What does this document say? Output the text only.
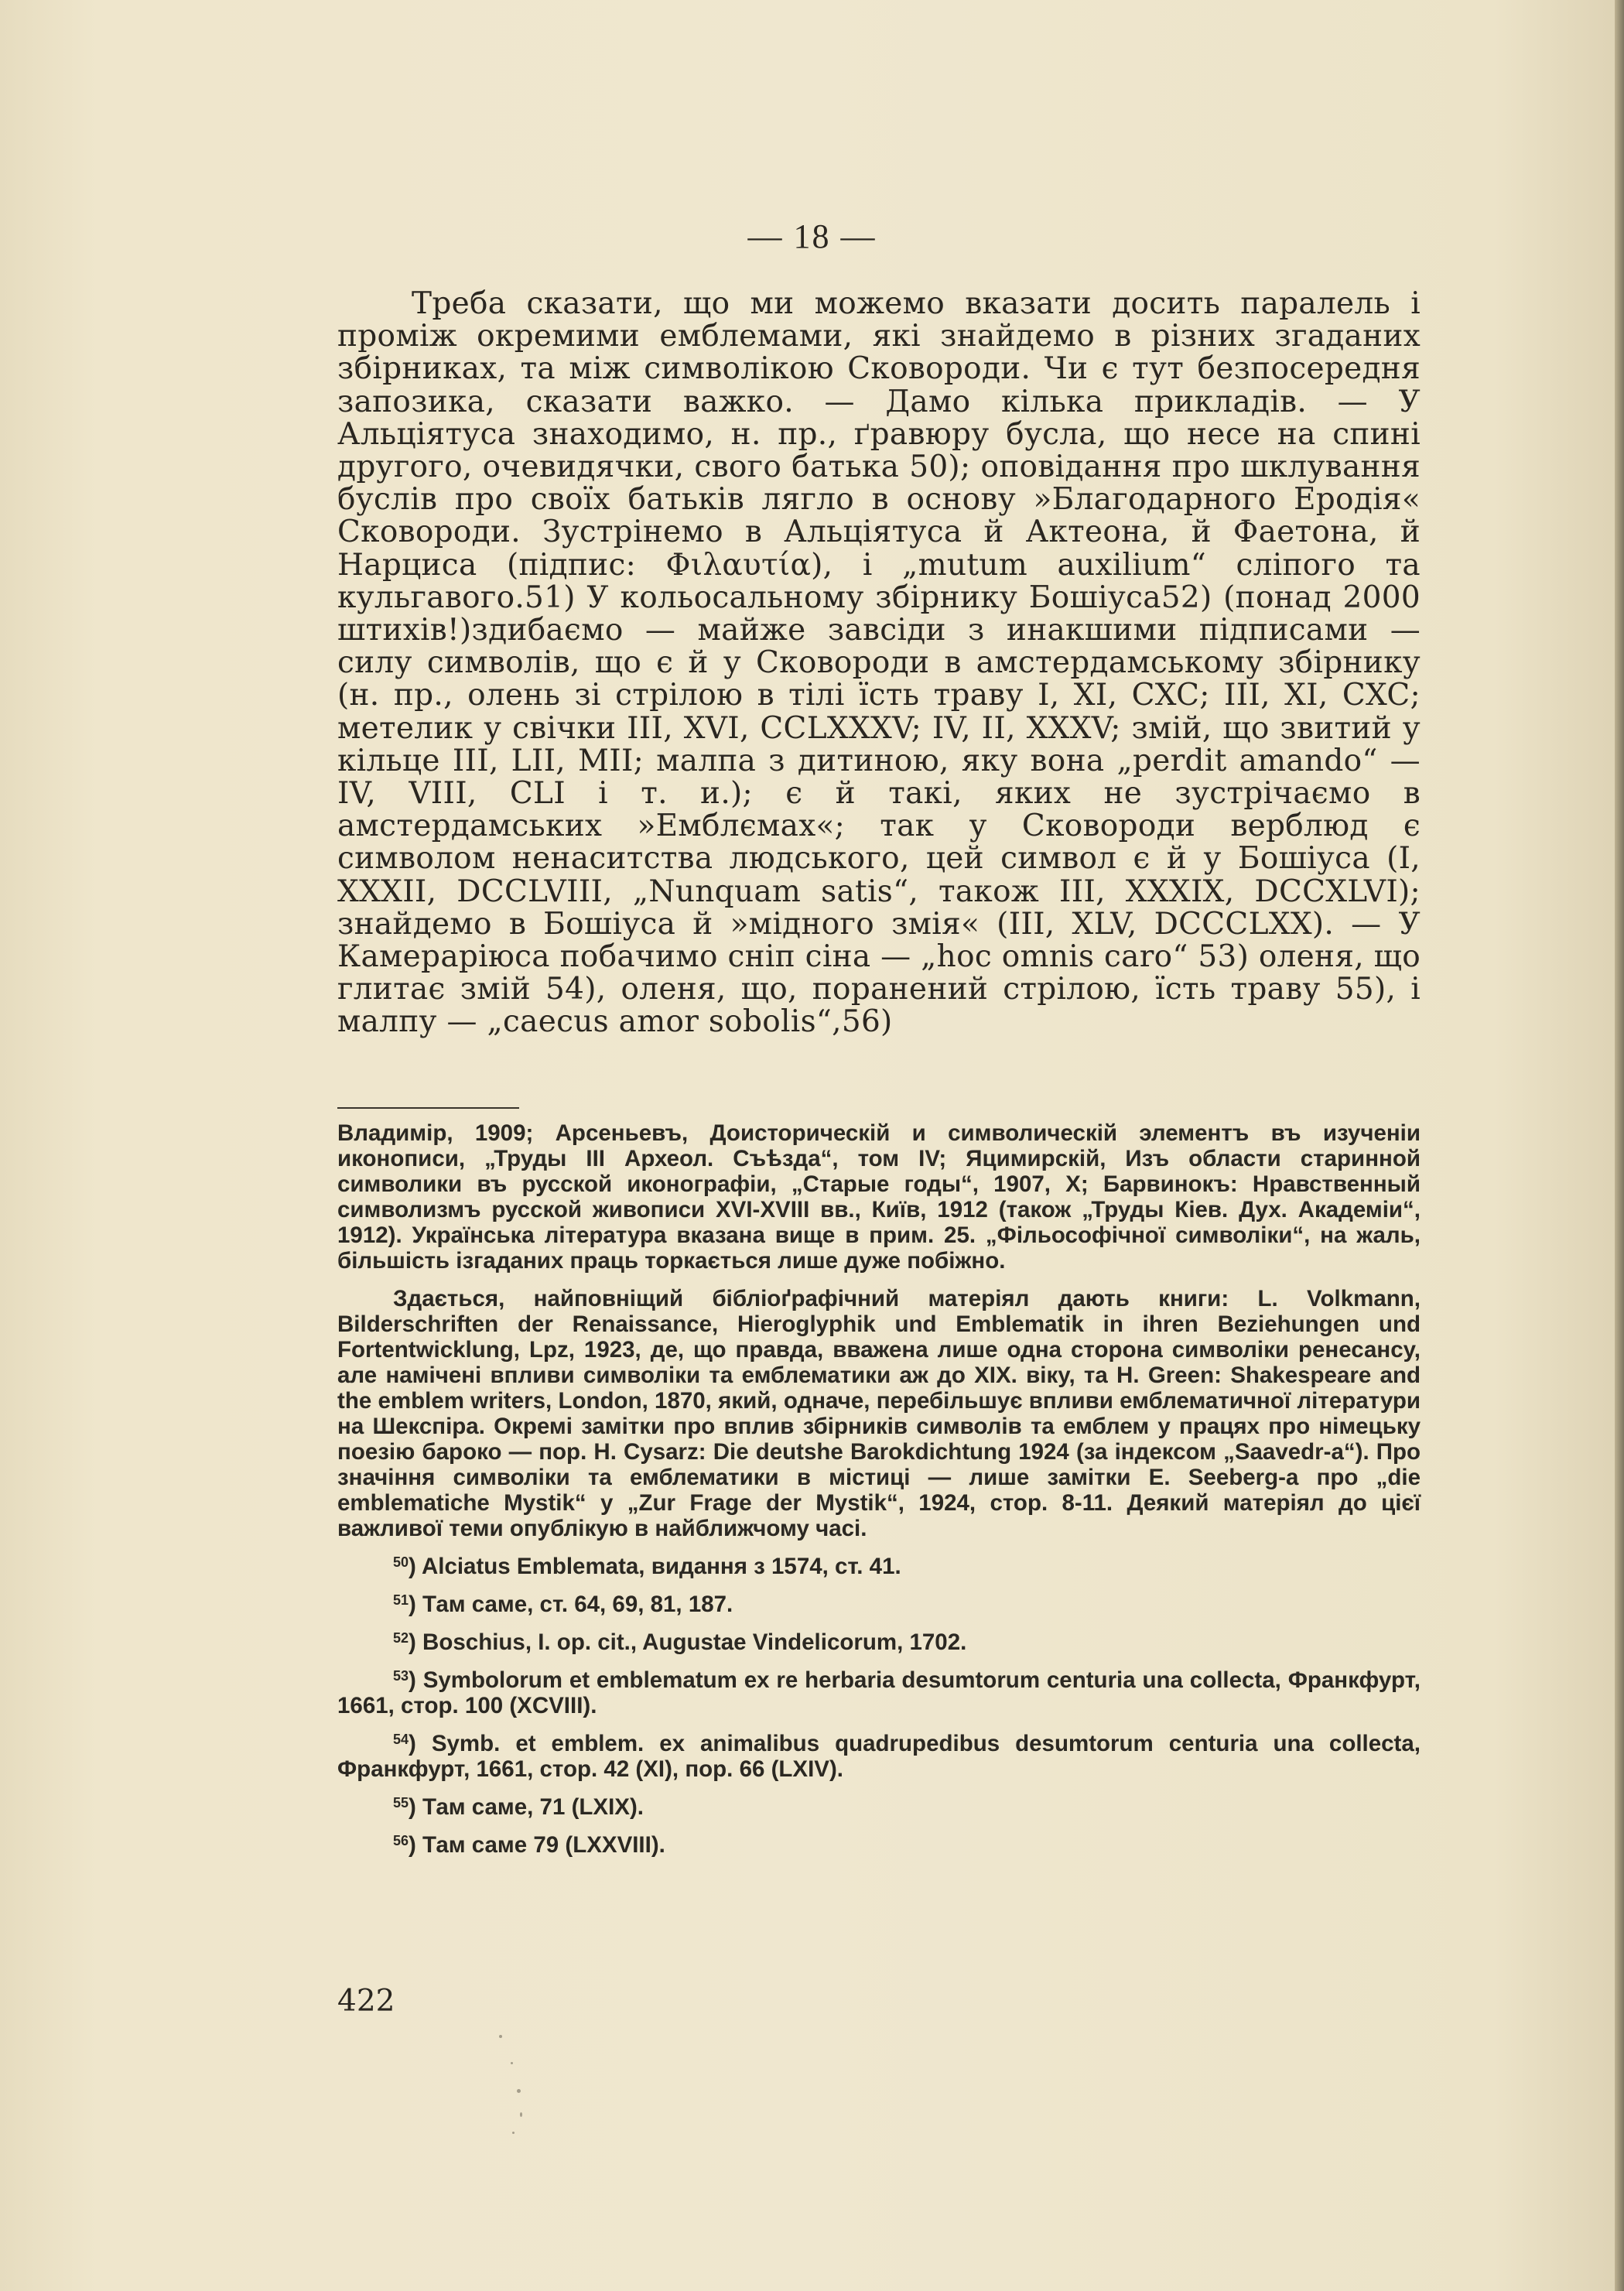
— 18 —

Треба сказати, що ми можемо вказати досить паралель і проміж окремими емблемами, які знайдемо в різних згаданих збірниках, та між символікою Сковороди. Чи є тут безпосередня запозика, сказати важко. — Дамо кілька прикладів. — У Альціятуса знаходимо, н. пр., ґравюру бусла, що несе на спині другого, очевидячки, свого батька 50); оповідання про шклування буслів про своїх батьків лягло в основу »Благодарного Еродія« Сковороди. Зустрінемо в Альціятуса й Актеона, й Фаетона, й Нарциса (підпис: Φιλαυτία), і „mutum auxilium“ сліпого та кульгавого.51) У кольосальному збірнику Бошіуса52) (понад 2000 штихів!)здибаємо — майже завсіди з инакшими підписами — силу символів, що є й у Сковороди в амстердамському збірнику (н. пр., олень зі стрілою в тілі їсть траву І, XI, CXC; III, XI, CXC; метелик у свічки III, XVI, CCLXXXV; IV, II, XXXV; змій, що звитий у кільце III, LII, MII; малпа з дитиною, яку вона „perdit amando“ — IV, VIII, CLI і т. и.); є й такі, яких не зустрічаємо в амстердамських »Емблємах«; так у Сковороди верблюд є символом ненаситства людського, цей символ є й у Бошіуса (I, XXXII, DCCLVIII, „Nunquam satis“, також III, XXXIX, DCCXLVI); знайдемо в Бошіуса й »мідного змія« (III, XLV, DCCCLXX). — У Камераріюса побачимо сніп сіна — „hoc omnis caro“ 53) оленя, що глитає змій 54), оленя, що, поранений стрілою, їсть траву 55), і малпу — „caecus amor sobolis“,56)

Владимір, 1909; Арсеньевъ, Доисторическій и символическій элементъ въ изученіи иконописи, „Труды III Археол. Съѣзда“, том IV; Яцимирскій, Изъ области старинной символики въ русской иконографіи, „Старые годы“, 1907, X; Барвинокъ: Нравственный символизмъ русской живописи XVI-XVIII вв., Київ, 1912 (також „Труды Кіев. Дух. Академіи“, 1912). Українська лiтература вказана вище в прим. 25. „Фільософічної символіки“, на жаль, більшість ізгаданих праць торкається лише дуже побіжно.

Здається, найповніщий бібліоґрафічний матеріял дають книги: L. Volkmann, Bilderschriften der Renaissance, Hieroglyphik und Emblematik in ihren Beziehungen und Fortentwicklung, Lpz, 1923, де, що правда, вважена лише одна сторона символіки ренесансу, але намічені впливи символіки та емблематики аж до XIX. віку, та H. Green: Shakespeare and the emblem writers, London, 1870, який, одначе, перебільшує впливи емблематичної літератури на Шекспіра. Окремі замітки про вплив збірників символів та емблем у працях про німецьку поезію бароко — пор. H. Cysarz: Die deutshe Barokdichtung 1924 (за індексом „Saavedr-a“). Про значіння символіки та емблематики в містиці — лише замітки E. Seeberg-a про „die emblematiche Mystik“ у „Zur Frage der Mystik“, 1924, стор. 8-11. Деякий матеріял до цієї важливої теми опублікую в найближчому часі.

$^{50}$) Alciatus Emblemata, видання з 1574, ст. 41.

$^{51}$) Там саме, ст. 64, 69, 81, 187.

$^{52}$) Boschius, I. op. cit., Augustae Vindelicorum, 1702.

$^{53}$) Symbolorum et emblematum ex re herbaria desumtorum centuria una collecta, Франкфурт, 1661, стор. 100 (XCVIII).

$^{54}$) Symb. et emblem. ex animalibus quadrupedibus desumtorum centuria una collecta, Франкфурт, 1661, стор. 42 (XI), пор. 66 (LXIV).

$^{55}$) Там саме, 71 (LXIX).

$^{56}$) Там саме 79 (LXXVIII).

422
